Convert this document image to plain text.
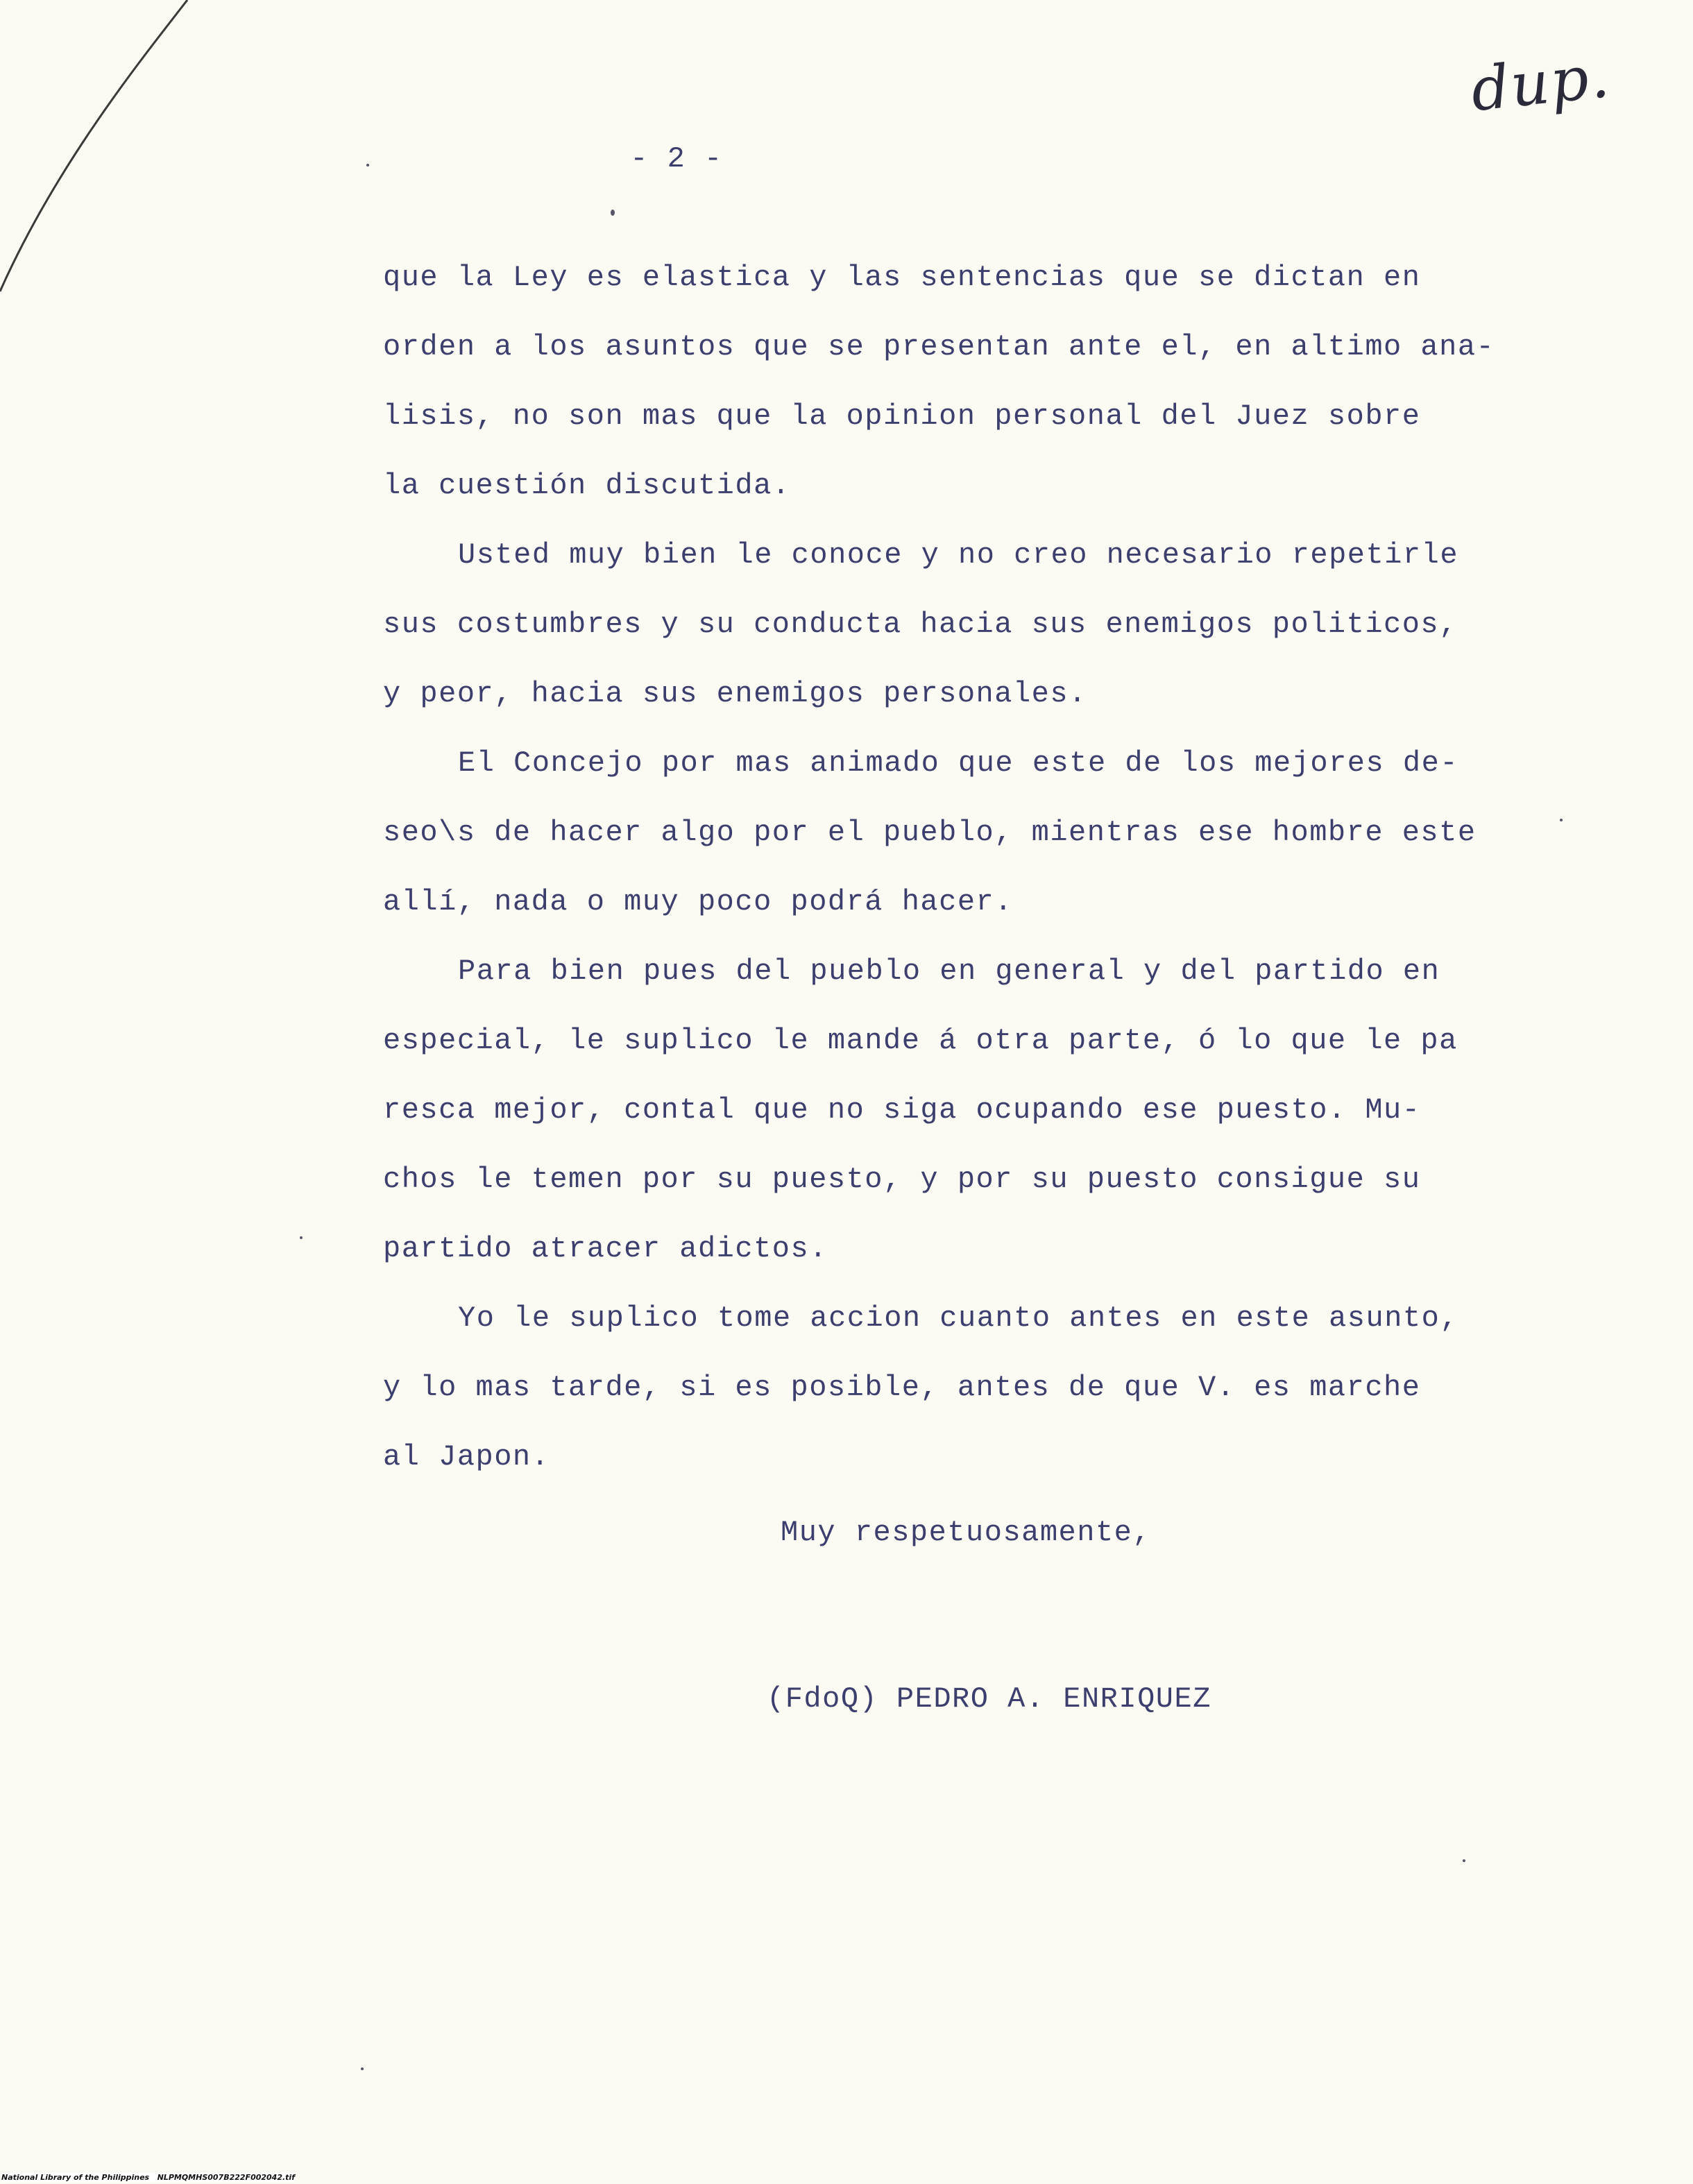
dup.
- 2 -
que la Ley es elastica y las sentencias que se dictan en
orden a los asuntos que se presentan ante el, en altimo ana-
lisis, no son mas que la opinion personal del Juez sobre
la cuestión discutida.
Usted muy bien le conoce y no creo necesario repetirle
sus costumbres y su conducta hacia sus enemigos politicos,
y peor, hacia sus enemigos personales.
El Concejo por mas animado que este de los mejores de-
seo\s de hacer algo por el pueblo, mientras ese hombre este
allí, nada o muy poco podrá hacer.
Para bien pues del pueblo en general y del partido en
especial, le suplico le mande á otra parte, ó lo que le pa
resca mejor, contal que no siga ocupando ese puesto. Mu-
chos le temen por su puesto, y por su puesto consigue su
partido atracer adictos.
Yo le suplico tome accion cuanto antes en este asunto,
y lo mas tarde, si es posible, antes de que V. es marche
al Japon.
Muy respetuosamente,
(FdoQ) PEDRO A. ENRIQUEZ
National Library of the Philippines   NLPMQMHS007B222F002042.tif
